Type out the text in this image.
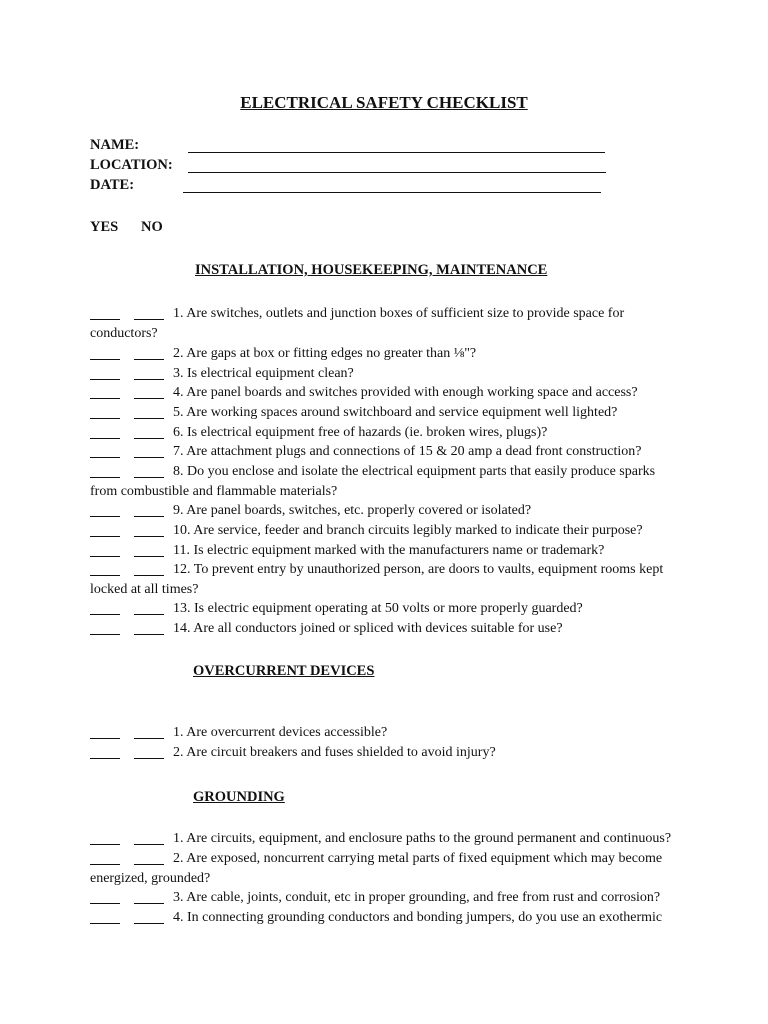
ELECTRICAL SAFETY CHECKLIST
NAME:
LOCATION:
DATE:
YES NO
INSTALLATION, HOUSEKEEPING, MAINTENANCE
1. Are switches, outlets and junction boxes of sufficient size to provide space for
conductors?
2. Are gaps at box or fitting edges no greater than ⅛"?
3. Is electrical equipment clean?
4. Are panel boards and switches provided with enough working space and access?
5. Are working spaces around switchboard and service equipment well lighted?
6. Is electrical equipment free of hazards (ie. broken wires, plugs)?
7. Are attachment plugs and connections of 15 & 20 amp a dead front construction?
8. Do you enclose and isolate the electrical equipment parts that easily produce sparks
from combustible and flammable materials?
9. Are panel boards, switches, etc. properly covered or isolated?
10. Are service, feeder and branch circuits legibly marked to indicate their purpose?
11. Is electric equipment marked with the manufacturers name or trademark?
12. To prevent entry by unauthorized person, are doors to vaults, equipment rooms kept
locked at all times?
13. Is electric equipment operating at 50 volts or more properly guarded?
14. Are all conductors joined or spliced with devices suitable for use?
OVERCURRENT DEVICES
1. Are overcurrent devices accessible?
2. Are circuit breakers and fuses shielded to avoid injury?
GROUNDING
1. Are circuits, equipment, and enclosure paths to the ground permanent and continuous?
2. Are exposed, noncurrent carrying metal parts of fixed equipment which may become
energized, grounded?
3. Are cable, joints, conduit, etc in proper grounding, and free from rust and corrosion?
4. In connecting grounding conductors and bonding jumpers, do you use an exothermic
